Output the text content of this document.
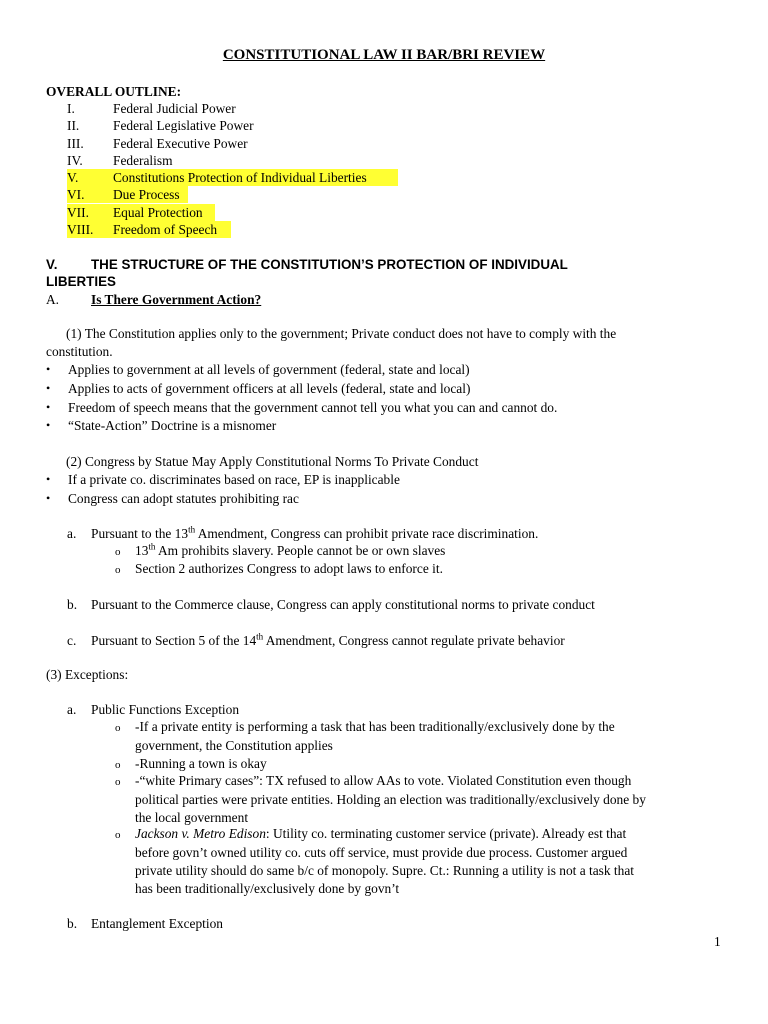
CONSTITUTIONAL LAW II BAR/BRI REVIEW
OVERALL OUTLINE:
I.	Federal Judicial Power
II.	Federal Legislative Power
III. Federal Executive Power
IV. Federalism
V.	Constitutions Protection of Individual Liberties
VI. Due Process
VII. Equal Protection
VIII. Freedom of Speech
V.	THE STRUCTURE OF THE CONSTITUTION’S PROTECTION OF INDIVIDUAL
LIBERTIES
A. Is There Government Action?
(1) The Constitution applies only to the government; Private conduct does not have to comply with the
constitution.
• Applies to government at all levels of government (federal, state and local)
• Applies to acts of government officers at all levels (federal, state and local)
• Freedom of speech means that the government cannot tell you what you can and cannot do.
• “State-Action” Doctrine is a misnomer
(2) Congress by Statue May Apply Constitutional Norms To Private Conduct
• If a private co. discriminates based on race, EP is inapplicable
• Congress can adopt statutes prohibiting rac
a. Pursuant to the 13th Amendment, Congress can prohibit private race discrimination.
o 13th Am prohibits slavery. People cannot be or own slaves
o Section 2 authorizes Congress to adopt laws to enforce it.
b. Pursuant to the Commerce clause, Congress can apply constitutional norms to private conduct
c. Pursuant to Section 5 of the 14th Amendment, Congress cannot regulate private behavior
(3) Exceptions:
a. Public Functions Exception
o -If a private entity is performing a task that has been traditionally/exclusively done by the
government, the Constitution applies
o -Running a town is okay
o -“white Primary cases”: TX refused to allow AAs to vote. Violated Constitution even though
political parties were private entities. Holding an election was traditionally/exclusively done by
the local government
o Jackson v. Metro Edison: Utility co. terminating customer service (private). Already est that
before govn’t owned utility co. cuts off service, must provide due process. Customer argued
private utility should do same b/c of monopoly. Supre. Ct.: Running a utility is not a task that
has been traditionally/exclusively done by govn’t
b. Entanglement Exception
1
